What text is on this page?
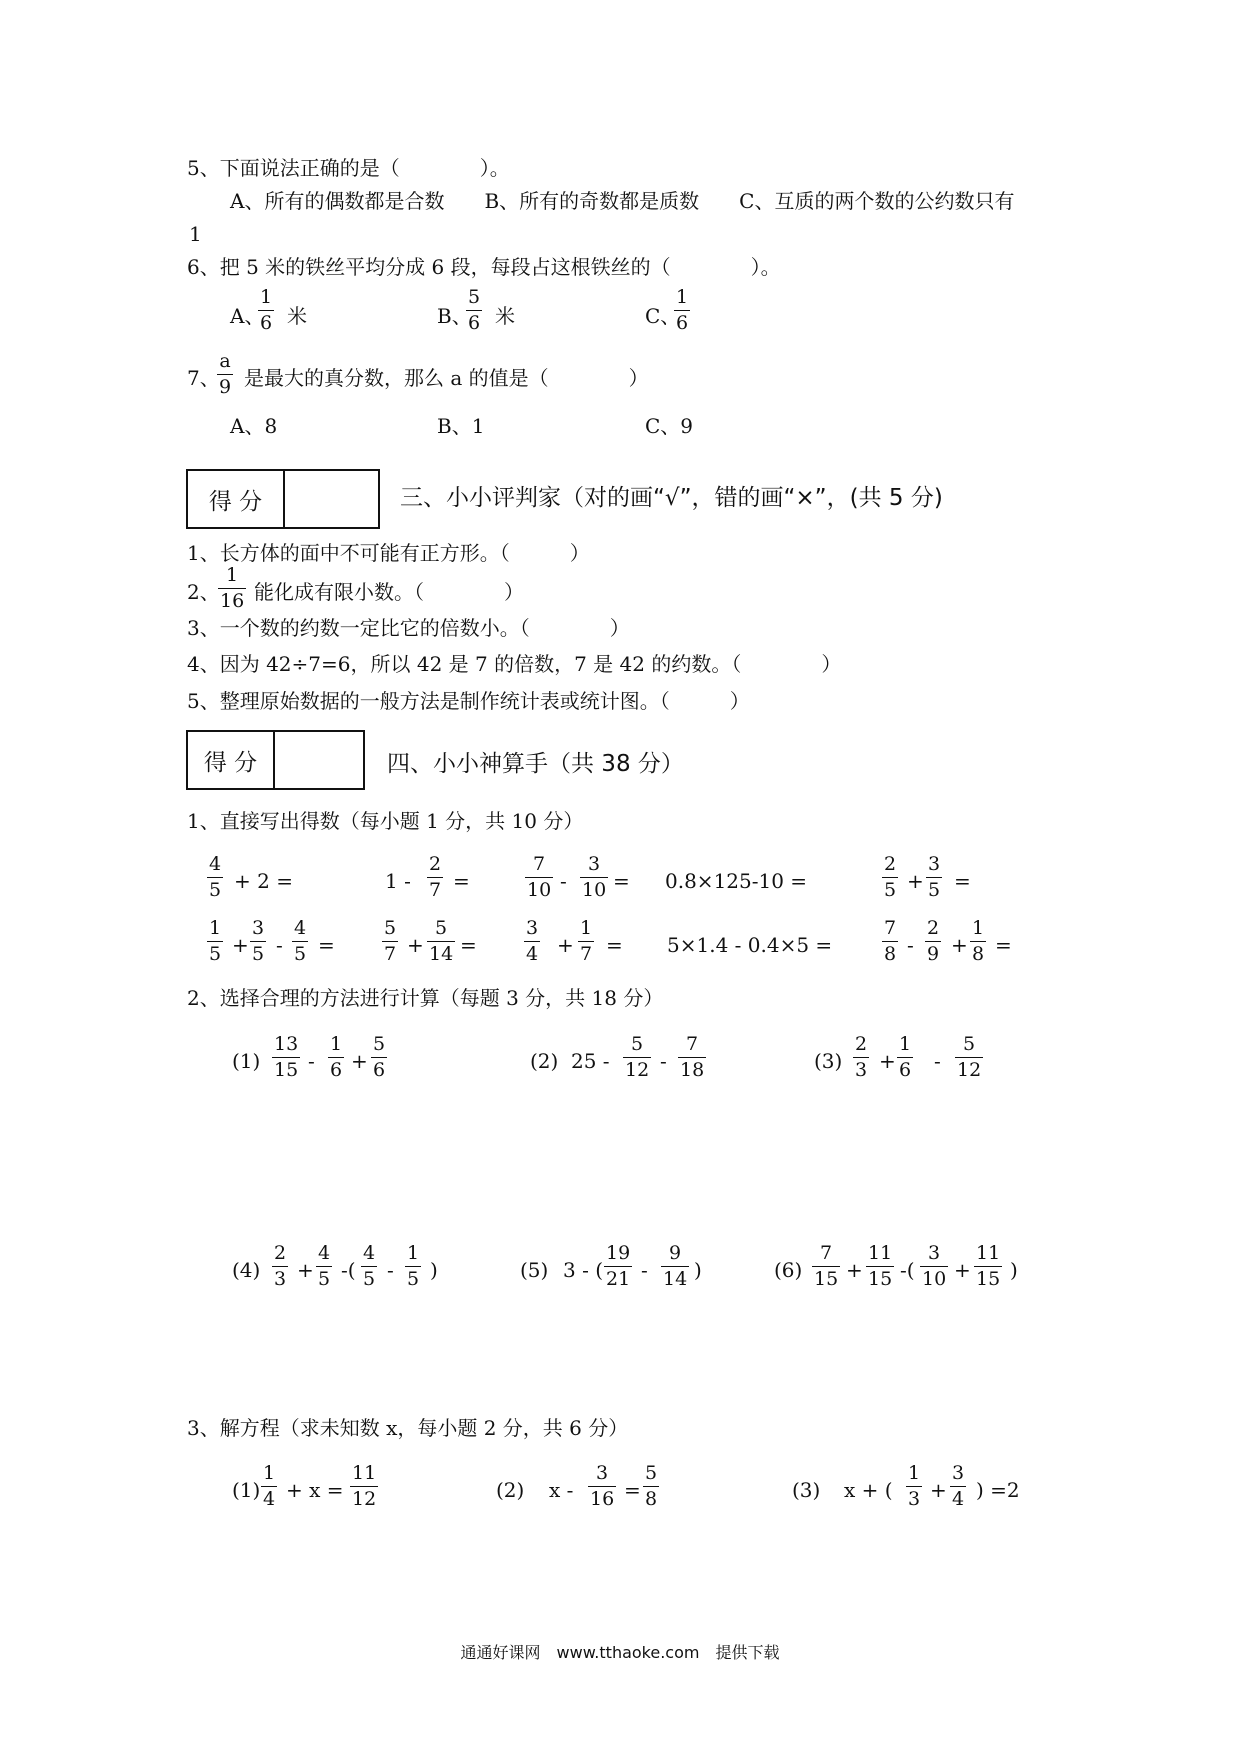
5、下面说法正确的是（　　　　）。
A、所有的偶数都是合数　　B、所有的奇数都是质数　　C、互质的两个数的公约数只有
1
6、把 5 米的铁丝平均分成 6 段，每段占这根铁丝的（　　　　）。
A、
1
6 米	B、
5
6 米	C、
1
6
7、
a
9 是最大的真分数，那么 a 的值是（　　　　）
A、8	B、1	C、9
得 分	三、小小评判家（对的画“√”，错的画“×”，(共 5 分)
1、长方体的面中不可能有正方形。（　　　）
2、
1
16 能化成有限小数。（　　　　）
3、一个数的约数一定比它的倍数小。（　　　　）
4、因为 42÷7=6，所以 42 是 7 的倍数，7 是 42 的约数。（　　　　）
5、整理原始数据的一般方法是制作统计表或统计图。（　　　）
得 分	四、小小神算手（共 38 分）
1、直接写出得数（每小题 1 分，共 10 分）
4
5 + 2 =	1 -
2
7 =
7
10 -
3
10 = 0.8×125-10 =
2
5 +
3
5 =
1
5 +
3
5 -
4
5 =
5
7 +
5
14 =
3
4 +
1
7 = 5×1.4 - 0.4×5 =
7
8 -
2
9 +
1
8 =
2、选择合理的方法进行计算（每题 3 分，共 18 分）
(1)
13
15 -
1
6 +
5
6	(2) 25 -
5
12 -
7
18	(3)
2
3 +
1
6 -
5
12
(4)
2
3 +
4
5 -(
4
5 -
1
5 )	(5) 3 - (
19
21 -
9
14 )	(6)
7
15 +
11
15 -(
3
10 +
11
15 )
3、解方程（求未知数 x，每小题 2 分，共 6 分）
(1)
1
4 + x =
11
12	(2) x -
3
16 =
5
8	(3) x + (
1
3 +
3
4 ) =2
通通好课网　www.tthaoke.com　提供下载
